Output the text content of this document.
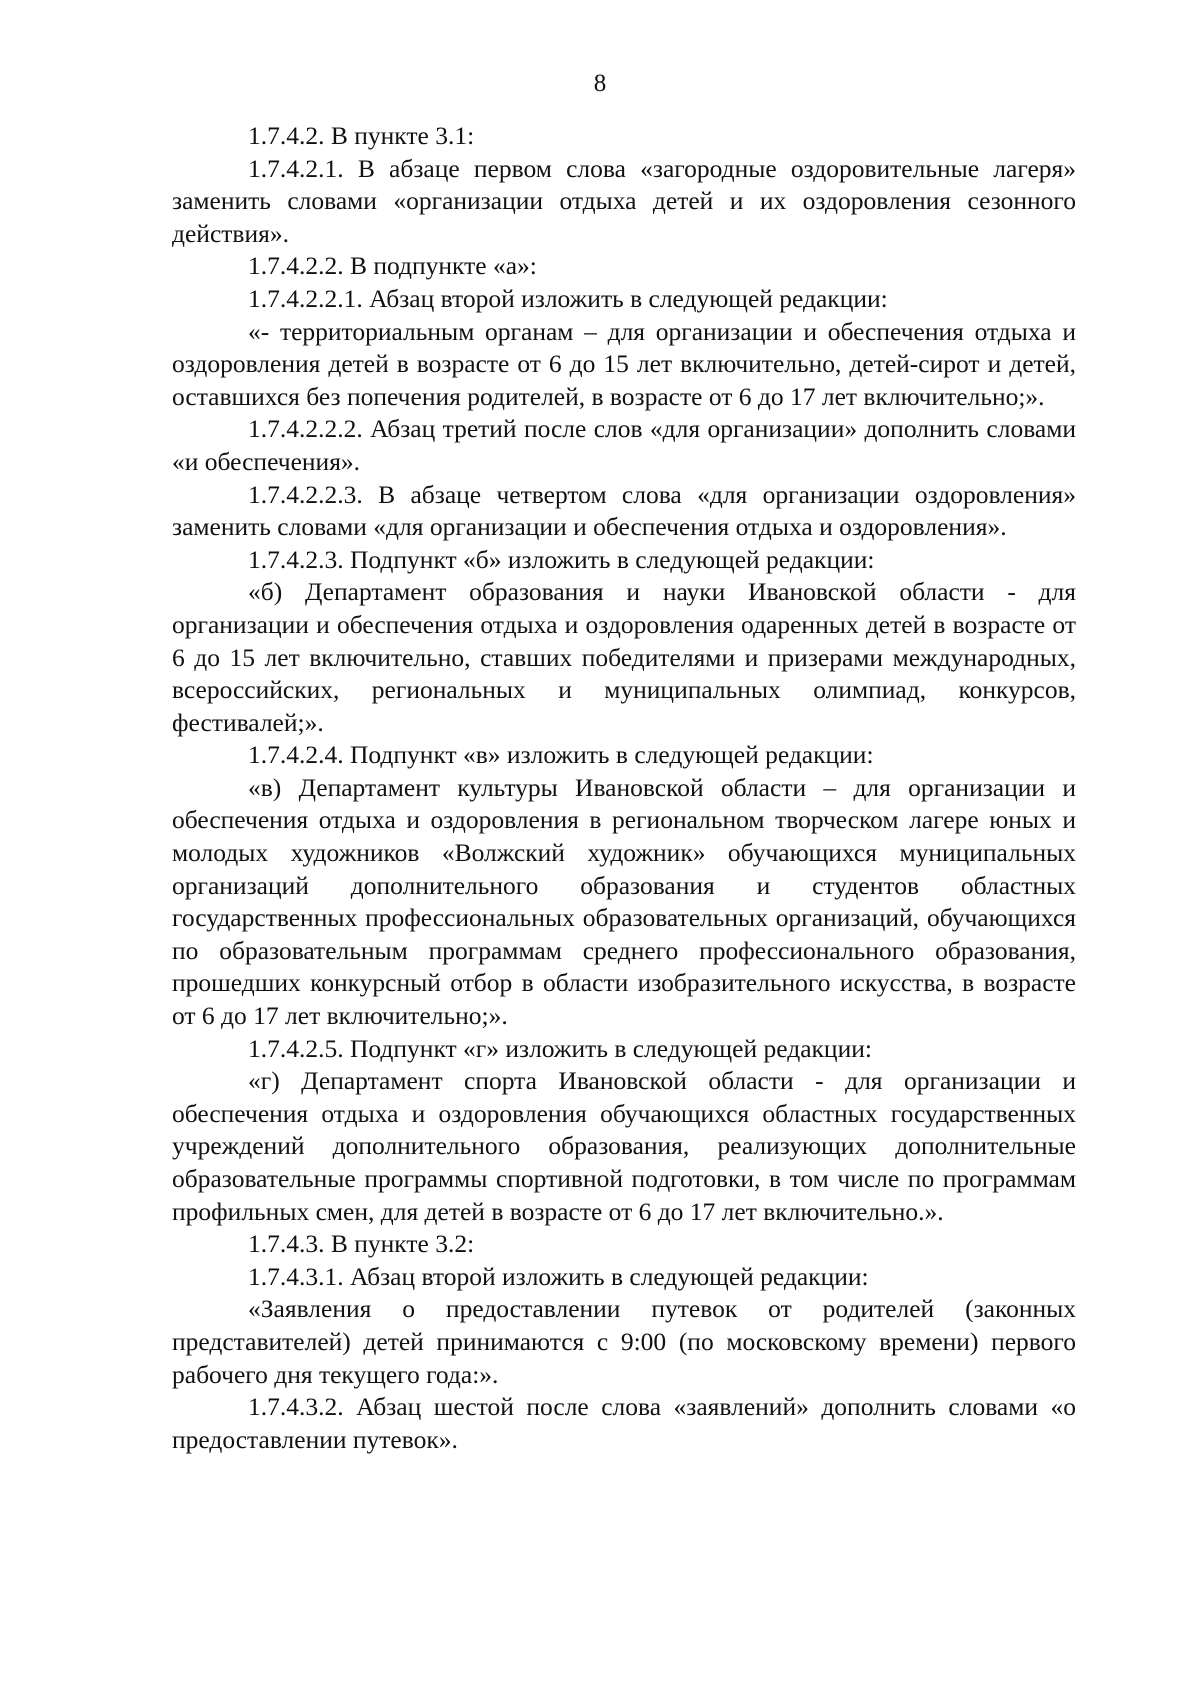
8

1.7.4.2. В пункте 3.1:

1.7.4.2.1. В абзаце первом слова «загородные оздоровительные лагеря» заменить словами «организации отдыха детей и их оздоровления сезонного действия».

1.7.4.2.2. В подпункте «а»:

1.7.4.2.2.1. Абзац второй изложить в следующей редакции:

«- территориальным органам – для организации и обеспечения отдыха и оздоровления детей в возрасте от 6 до 15 лет включительно, детей-сирот и детей, оставшихся без попечения родителей, в возрасте от 6 до 17 лет включительно;».

1.7.4.2.2.2. Абзац третий после слов «для организации» дополнить словами «и обеспечения».

1.7.4.2.2.3. В абзаце четвертом слова «для организации оздоровления» заменить словами «для организации и обеспечения отдыха и оздоровления».

1.7.4.2.3. Подпункт «б» изложить в следующей редакции:

«б) Департамент образования и науки Ивановской области - для организации и обеспечения отдыха и оздоровления одаренных детей в возрасте от 6 до 15 лет включительно, ставших победителями и призерами международных, всероссийских, региональных и муниципальных олимпиад, конкурсов, фестивалей;».

1.7.4.2.4. Подпункт «в» изложить в следующей редакции:

«в) Департамент культуры Ивановской области – для организации и обеспечения отдыха и оздоровления в региональном творческом лагере юных и молодых художников «Волжский художник» обучающихся муниципальных организаций дополнительного образования и студентов областных государственных профессиональных образовательных организаций, обучающихся по образовательным программам среднего профессионального образования, прошедших конкурсный отбор в области изобразительного искусства, в возрасте от 6 до 17 лет включительно;».

1.7.4.2.5. Подпункт «г» изложить в следующей редакции:

«г) Департамент спорта Ивановской области - для организации и обеспечения отдыха и оздоровления обучающихся областных государственных учреждений дополнительного образования, реализующих дополнительные образовательные программы спортивной подготовки, в том числе по программам профильных смен, для детей в возрасте от 6 до 17 лет включительно.».

1.7.4.3. В пункте 3.2:

1.7.4.3.1. Абзац второй изложить в следующей редакции:

«Заявления о предоставлении путевок от родителей (законных представителей) детей принимаются с 9:00 (по московскому времени) первого рабочего дня текущего года:».

1.7.4.3.2. Абзац шестой после слова «заявлений» дополнить словами «о предоставлении путевок».
